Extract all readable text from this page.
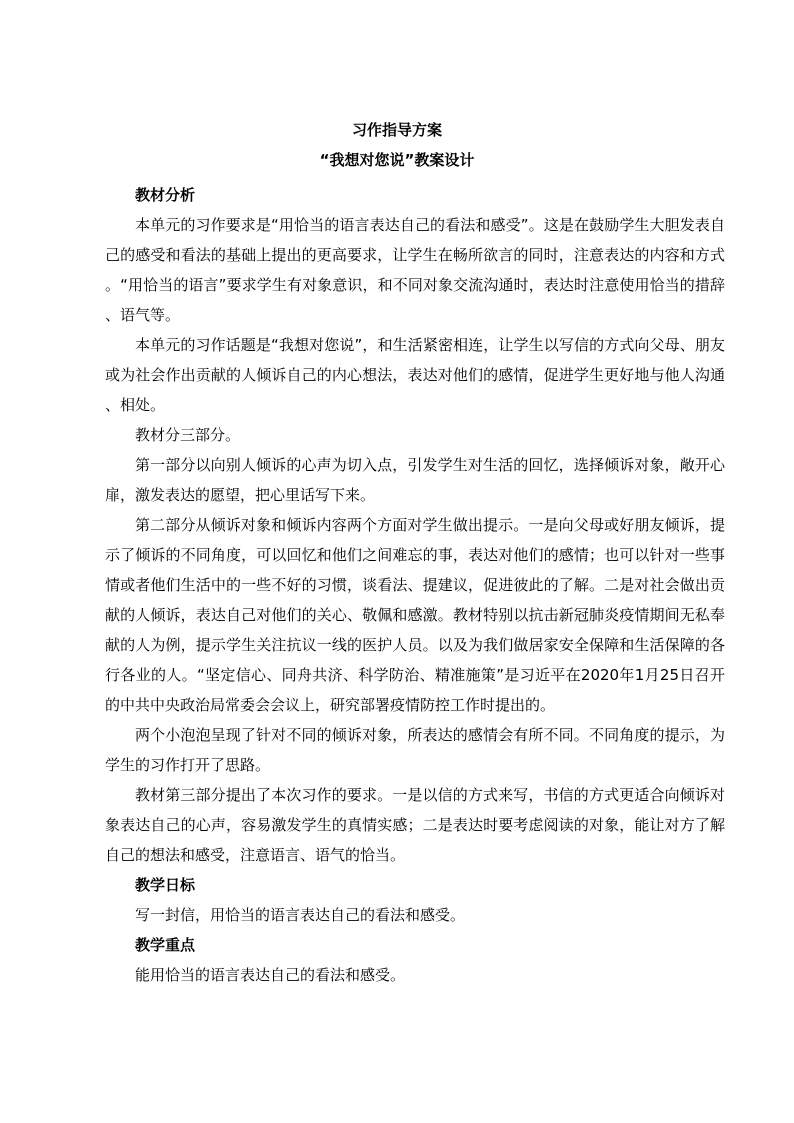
习作指导方案
“我想对您说”教案设计

教材分析

本单元的习作要求是“用恰当的语言表达自己的看法和感受”。这是在鼓励学生大胆发表自己的感受和看法的基础上提出的更高要求，让学生在畅所欲言的同时，注意表达的内容和方式。“用恰当的语言”要求学生有对象意识，和不同对象交流沟通时，表达时注意使用恰当的措辞、语气等。

本单元的习作话题是“我想对您说”，和生活紧密相连，让学生以写信的方式向父母、朋友或为社会作出贡献的人倾诉自己的内心想法，表达对他们的感情，促进学生更好地与他人沟通、相处。

教材分三部分。

第一部分以向别人倾诉的心声为切入点，引发学生对生活的回忆，选择倾诉对象，敞开心扉，激发表达的愿望，把心里话写下来。

第二部分从倾诉对象和倾诉内容两个方面对学生做出提示。一是向父母或好朋友倾诉，提示了倾诉的不同角度，可以回忆和他们之间难忘的事，表达对他们的感情；也可以针对一些事情或者他们生活中的一些不好的习惯，谈看法、提建议，促进彼此的了解。二是对社会做出贡献的人倾诉，表达自己对他们的关心、敬佩和感激。教材特别以抗击新冠肺炎疫情期间无私奉献的人为例，提示学生关注抗议一线的医护人员。以及为我们做居家安全保障和生活保障的各行各业的人。“坚定信心、同舟共济、科学防治、精准施策”是习近平在2020年1月25日召开的中共中央政治局常委会会议上，研究部署疫情防控工作时提出的。

两个小泡泡呈现了针对不同的倾诉对象，所表达的感情会有所不同。不同角度的提示，为学生的习作打开了思路。

教材第三部分提出了本次习作的要求。一是以信的方式来写，书信的方式更适合向倾诉对象表达自己的心声，容易激发学生的真情实感；二是表达时要考虑阅读的对象，能让对方了解自己的想法和感受，注意语言、语气的恰当。

教学日标

写一封信，用恰当的语言表达自己的看法和感受。

教学重点

能用恰当的语言表达自己的看法和感受。
